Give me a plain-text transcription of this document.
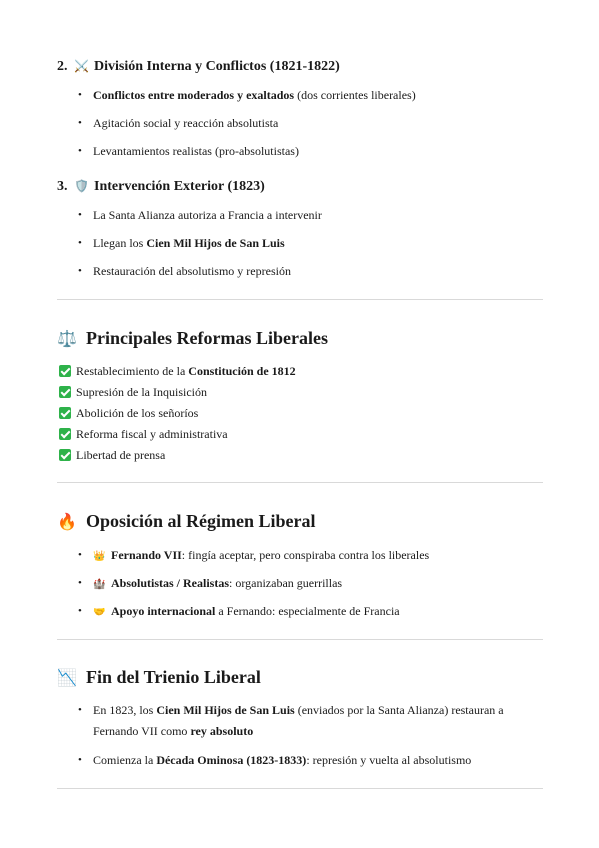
2. ⚔️ División Interna y Conflictos (1821-1822)
• Conflictos entre moderados y exaltados (dos corrientes liberales)
• Agitación social y reacción absolutista
• Levantamientos realistas (pro-absolutistas)
3. 🛡️ Intervención Exterior (1823)
• La Santa Alianza autoriza a Francia a intervenir
• Llegan los Cien Mil Hijos de San Luis
• Restauración del absolutismo y represión
⚖️ Principales Reformas Liberales
Restablecimiento de la Constitución de 1812
Supresión de la Inquisición
Abolición de los señoríos
Reforma fiscal y administrativa
Libertad de prensa
🔥 Oposición al Régimen Liberal
• 👑 Fernando VII: fingía aceptar, pero conspiraba contra los liberales
• 🏰 Absolutistas / Realistas: organizaban guerrillas
• 🤝 Apoyo internacional a Fernando: especialmente de Francia
📉 Fin del Trienio Liberal
• En 1823, los Cien Mil Hijos de San Luis (enviados por la Santa Alianza) restauran a Fernando VII como rey absoluto
• Comienza la Década Ominosa (1823-1833): represión y vuelta al absolutismo
